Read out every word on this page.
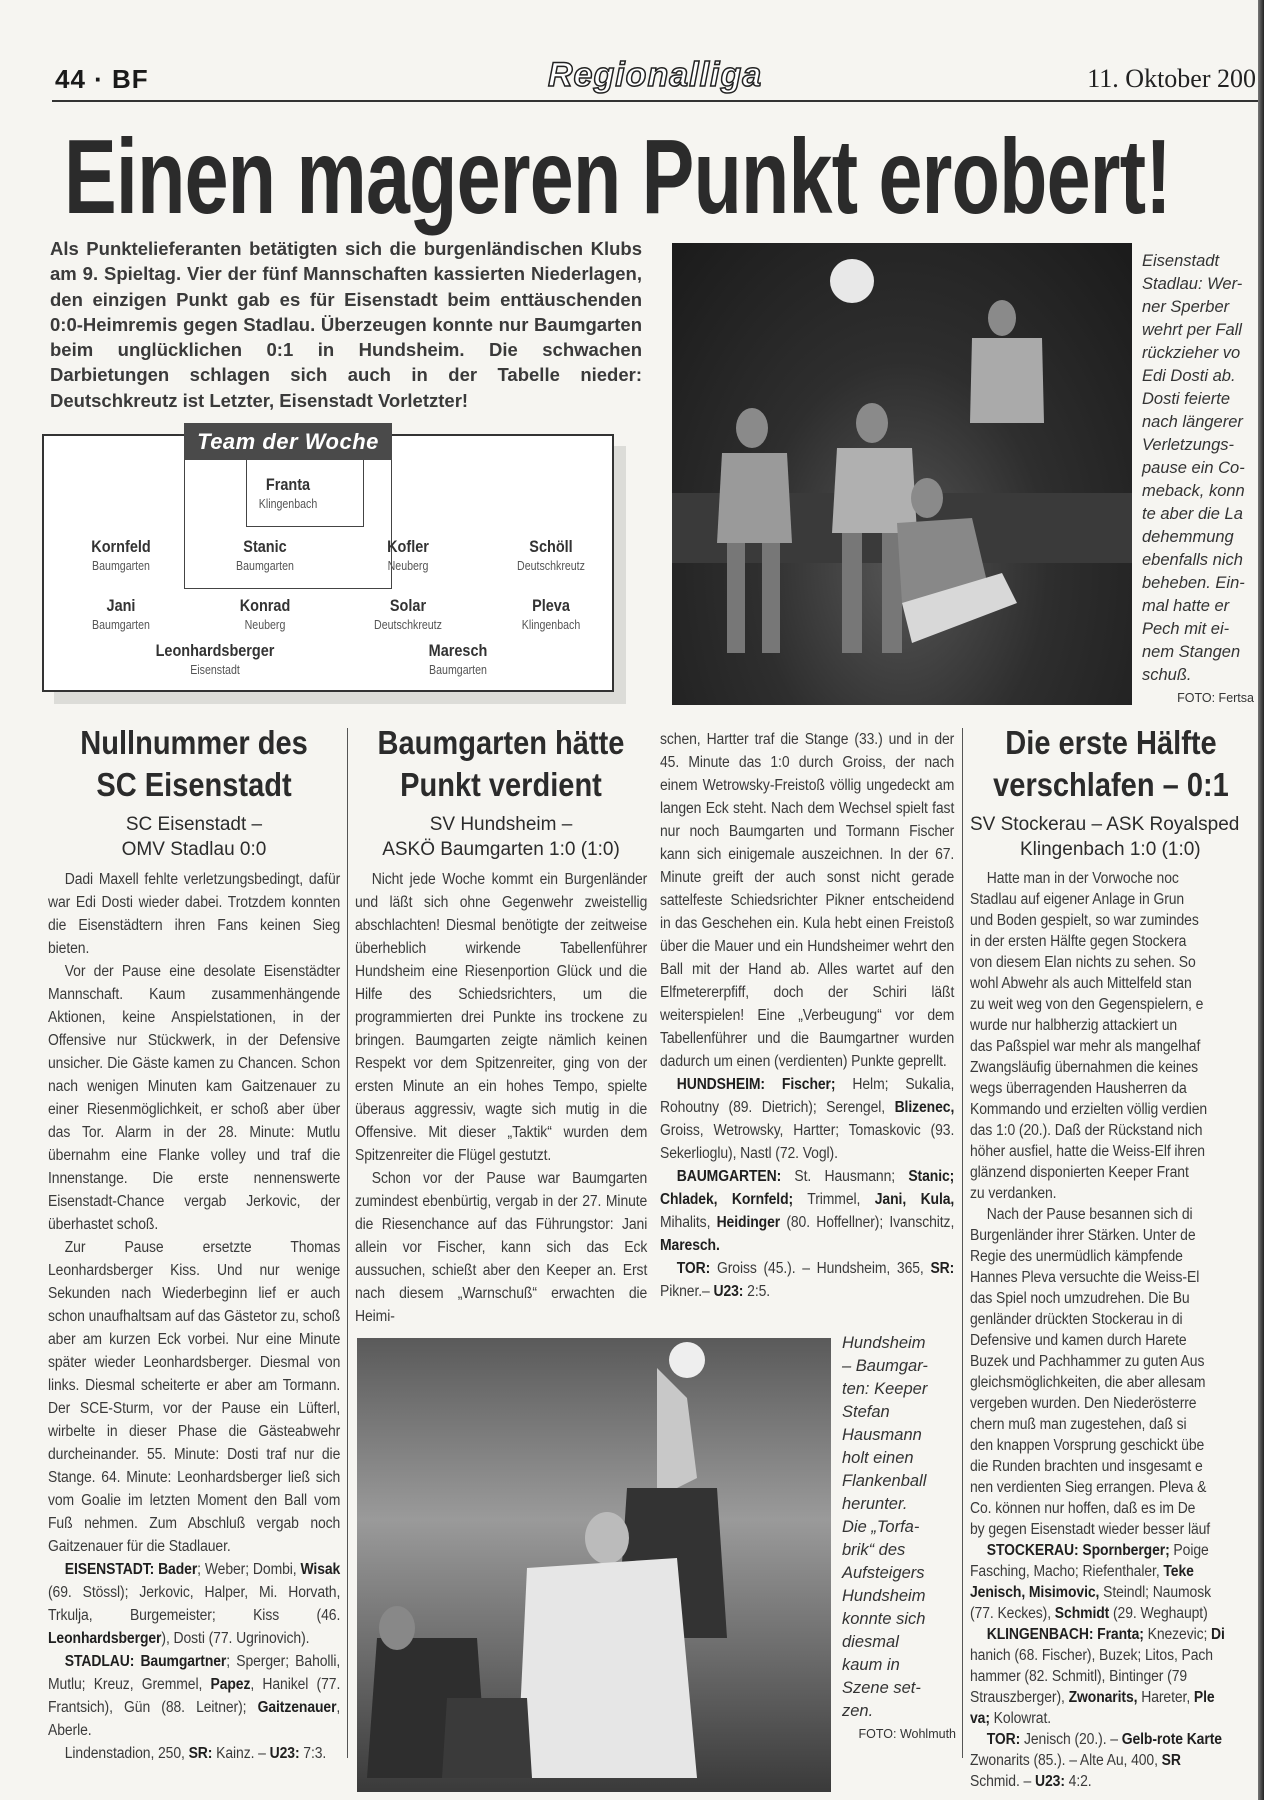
44 · BF	Regionalliga	11. Oktober 200
Einen mageren Punkt erobert!
Als Punktelieferanten betätigten sich die burgenländischen Klubs am 9. Spieltag. Vier der fünf Mannschaften kassierten Niederlagen, den einzigen Punkt gab es für Eisenstadt beim enttäuschenden 0:0-Heimremis gegen Stadlau. Überzeugen konnte nur Baumgarten beim unglücklichen 0:1 in Hundsheim. Die schwachen Darbietungen schlagen sich auch in der Tabelle nieder: Deutschkreutz ist Letzter, Eisenstadt Vorletzter!
Eisenstadt
Stadlau: Wer-
ner Sperber
wehrt per Fall
rückzieher vo
Edi Dosti ab.
Dosti feierte
nach längerer
Verletzungs-
pause ein Co-
meback, konn
te aber die La
dehemmung
ebenfalls nich
beheben. Ein-
mal hatte er
Pech mit ei-
nem Stangen
schuß.
FOTO: Fertsa
Team der Woche
Franta
Klingenbach
Kornfeld
Baumgarten
Stanic
Baumgarten
Kofler
Neuberg
Schöll
Deutschkreutz
Jani
Baumgarten
Konrad
Neuberg
Solar
Deutschkreutz
Pleva
Klingenbach
Leonhardsberger
Eisenstadt
Maresch
Baumgarten
Nullnummer des
SC Eisenstadt
SC Eisenstadt –
OMV Stadlau 0:0

Dadi Maxell fehlte verletzungsbedingt, dafür war Edi Dosti wieder dabei. Trotzdem konnten die Eisenstädtern ihren Fans keinen Sieg bieten.

Vor der Pause eine desolate Eisenstädter Mannschaft. Kaum zusammenhängende Aktionen, keine Anspielstationen, in der Offensive nur Stückwerk, in der Defensive unsicher. Die Gäste kamen zu Chancen. Schon nach wenigen Minuten kam Gaitzenauer zu einer Riesenmöglichkeit, er schoß aber über das Tor. Alarm in der 28. Minute: Mutlu übernahm eine Flanke volley und traf die Innenstange. Die erste nennenswerte Eisenstadt-Chance vergab Jerkovic, der überhastet schoß.

Zur Pause ersetzte Thomas Leonhardsberger Kiss. Und nur wenige Sekunden nach Wiederbeginn lief er auch schon unaufhaltsam auf das Gästetor zu, schoß aber am kurzen Eck vorbei. Nur eine Minute später wieder Leonhardsberger. Diesmal von links. Diesmal scheiterte er aber am Tormann. Der SCE-Sturm, vor der Pause ein Lüfterl, wirbelte in dieser Phase die Gästeabwehr durcheinander. 55. Minute: Dosti traf nur die Stange. 64. Minute: Leonhardsberger ließ sich vom Goalie im letzten Moment den Ball vom Fuß nehmen. Zum Abschluß vergab noch Gaitzenauer für die Stadlauer.

EISENSTADT: Bader; Weber; Dombi, Wisak (69. Stössl); Jerkovic, Halper, Mi. Horvath, Trkulja, Burgemeister; Kiss (46. Leonhardsberger), Dosti (77. Ugrinovich).

STADLAU: Baumgartner; Sperger; Baholli, Mutlu; Kreuz, Gremmel, Papez, Hanikel (77. Frantsich), Gün (88. Leitner); Gaitzenauer, Aberle.

Lindenstadion, 250, SR: Kainz. – U23: 7:3.

Baumgarten hätte
Punkt verdient
SV Hundsheim –
ASKÖ Baumgarten 1:0 (1:0)

Nicht jede Woche kommt ein Burgenländer und läßt sich ohne Gegenwehr zweistellig abschlachten! Diesmal benötigte der zeitweise überheblich wirkende Tabellenführer Hundsheim eine Riesenportion Glück und die Hilfe des Schiedsrichters, um die programmierten drei Punkte ins trockene zu bringen. Baumgarten zeigte nämlich keinen Respekt vor dem Spitzenreiter, ging von der ersten Minute an ein hohes Tempo, spielte überaus aggressiv, wagte sich mutig in die Offensive. Mit dieser „Taktik“ wurden dem Spitzenreiter die Flügel gestutzt.

Schon vor der Pause war Baumgarten zumindest ebenbürtig, vergab in der 27. Minute die Riesenchance auf das Führungstor: Jani allein vor Fischer, kann sich das Eck aussuchen, schießt aber den Keeper an. Erst nach diesem „Warnschuß“ erwachten die Heimi-

schen, Hartter traf die Stange (33.) und in der 45. Minute das 1:0 durch Groiss, der nach einem Wetrowsky-Freistoß völlig ungedeckt am langen Eck steht. Nach dem Wechsel spielt fast nur noch Baumgarten und Tormann Fischer kann sich einigemale auszeichnen. In der 67. Minute greift der auch sonst nicht gerade sattelfeste Schiedsrichter Pikner entscheidend in das Geschehen ein. Kula hebt einen Freistoß über die Mauer und ein Hundsheimer wehrt den Ball mit der Hand ab. Alles wartet auf den Elfmetererpfiff, doch der Schiri läßt weiterspielen! Eine „Verbeugung“ vor dem Tabellenführer und die Baumgartner wurden dadurch um einen (verdienten) Punkte geprellt.

HUNDSHEIM: Fischer; Helm; Sukalia, Rohoutny (89. Dietrich); Serengel, Blizenec, Groiss, Wetrowsky, Hartter; Tomaskovic (93. Sekerlioglu), Nastl (72. Vogl).

BAUMGARTEN: St. Hausmann; Stanic; Chladek, Kornfeld; Trimmel, Jani, Kula, Mihalits, Heidinger (80. Hoffellner); Ivanschitz, Maresch.

TOR: Groiss (45.). – Hundsheim, 365, SR: Pikner.– U23: 2:5.

Hundsheim
– Baumgar-
ten: Keeper
Stefan
Hausmann
holt einen
Flankenball
herunter.
Die „Torfa-
brik“ des
Aufsteigers
Hundsheim
konnte sich
diesmal
kaum in
Szene set-
zen.
FOTO: Wohlmuth
Die erste Hälfte
verschlafen – 0:1
SV Stockerau – ASK Royalsped
Klingenbach 1:0 (1:0)

Hatte man in der Vorwoche noc

Stadlau auf eigener Anlage in Grun

und Boden gespielt, so war zumindes

in der ersten Hälfte gegen Stockera

von diesem Elan nichts zu sehen. So

wohl Abwehr als auch Mittelfeld stan

zu weit weg von den Gegenspielern, e

wurde nur halbherzig attackiert un

das Paßspiel war mehr als mangelhaf

Zwangsläufig übernahmen die keines

wegs überragenden Hausherren da

Kommando und erzielten völlig verdien

das 1:0 (20.). Daß der Rückstand nich

höher ausfiel, hatte die Weiss-Elf ihren

glänzend disponierten Keeper Frant

zu verdanken.

Nach der Pause besannen sich di

Burgenländer ihrer Stärken. Unter de

Regie des unermüdlich kämpfende

Hannes Pleva versuchte die Weiss-El

das Spiel noch umzudrehen. Die Bu

genländer drückten Stockerau in di

Defensive und kamen durch Harete

Buzek und Pachhammer zu guten Aus

gleichsmöglichkeiten, die aber allesam

vergeben wurden. Den Niederösterre

chern muß man zugestehen, daß si

den knappen Vorsprung geschickt übe

die Runden brachten und insgesamt e

nen verdienten Sieg errangen. Pleva &

Co. können nur hoffen, daß es im De

by gegen Eisenstadt wieder besser läuf

STOCKERAU: Spornberger; Poige

Fasching, Macho; Riefenthaler, Teke

Jenisch, Misimovic, Steindl; Naumosk

(77. Keckes), Schmidt (29. Weghaupt)

KLINGENBACH: Franta; Knezevic; Di

hanich (68. Fischer), Buzek; Litos, Pach

hammer (82. Schmitl), Bintinger (79

Strauszberger), Zwonarits, Hareter, Ple

va; Kolowrat.

TOR: Jenisch (20.). – Gelb-rote Karte

Zwonarits (85.). – Alte Au, 400, SR

Schmid. – U23: 4:2.
